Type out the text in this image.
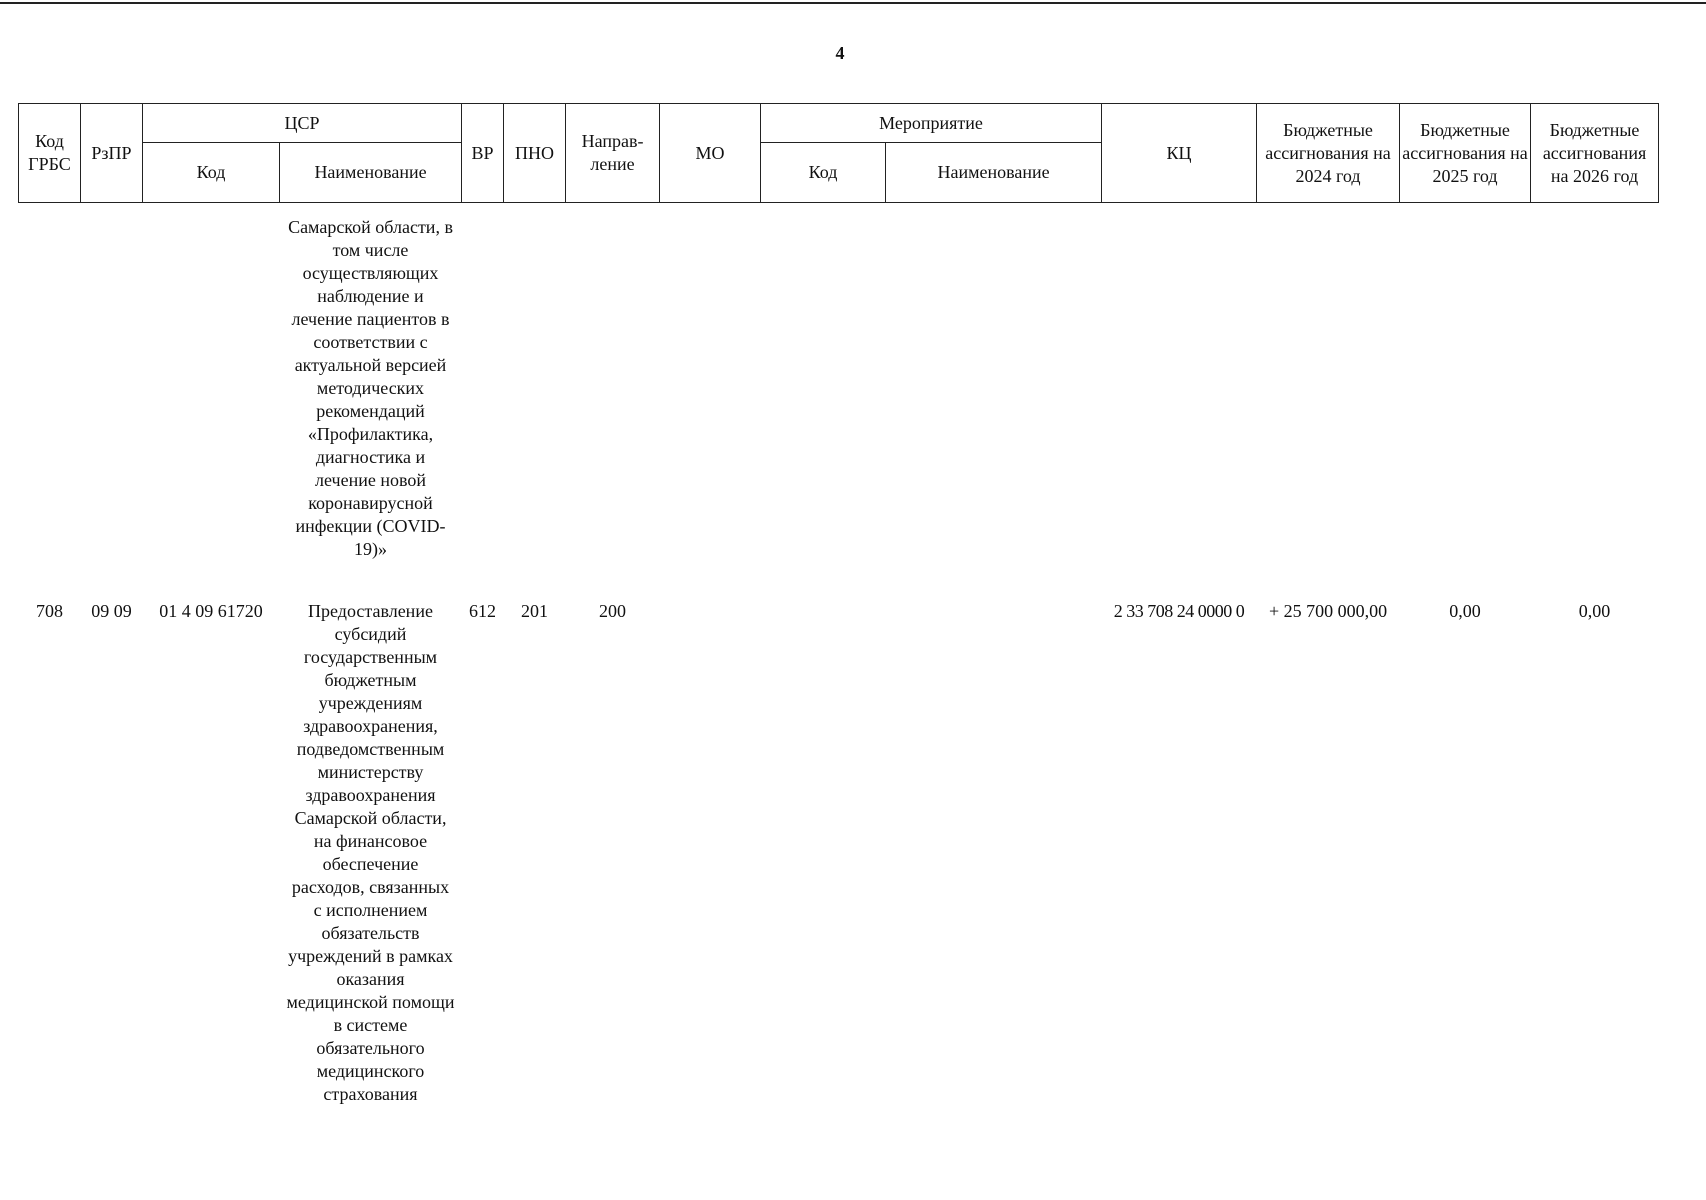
4
Код ГРБС	РзПР	ЦСР		ВР	ПНО	Направ-ление	МО	Мероприятие		КЦ	Бюджетные ассигнования на 2024 год	Бюджетные ассигнования на 2025 год	Бюджетные ассигнования на 2026 год
		Код	Наименование					Код	Наименование				
			Самарской области, в том числе осуществляющих наблюдение и лечение пациентов в соответствии с актуальной версией методических рекомендаций «Профилактика, диагностика и лечение новой коронавирусной инфекции (COVID-19)»										
708	09 09	01 4 09 61720	Предоставление субсидий государственным бюджетным учреждениям здравоохранения, подведомственным министерству здравоохранения Самарской области, на финансовое обеспечение расходов, связанных с исполнением обязательств учреждений в рамках оказания медицинской помощи в системе обязательного медицинского страхования	612	201	200				2 33 708 24 0000 0	+ 25 700 000,00	0,00	0,00
